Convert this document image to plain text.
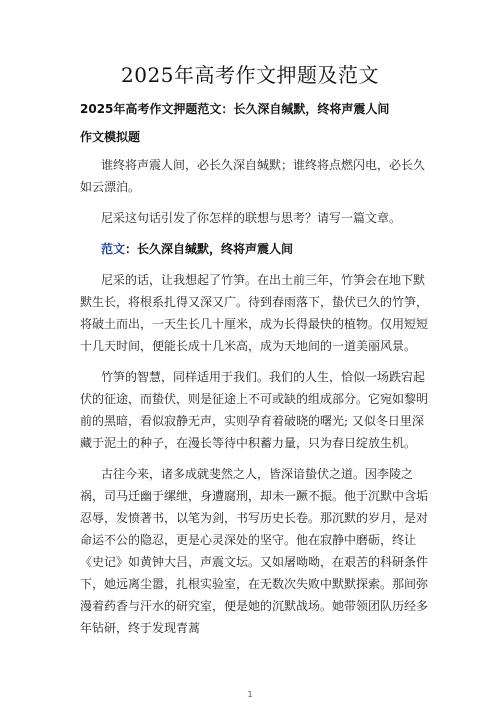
2025年高考作文押题及范文

2025年高考作文押题范文：长久深自缄默，终将声震人间

作文模拟题

谁终将声震人间，必长久深自缄默；谁终将点燃闪电，必长久如云漂泊。

尼采这句话引发了你怎样的联想与思考？请写一篇文章。

范文：长久深自缄默，终将声震人间

尼采的话，让我想起了竹笋。在出土前三年，竹笋会在地下默默生长，将根系扎得又深又广。待到春雨落下，蛰伏已久的竹笋，将破土而出，一天生长几十厘米，成为长得最快的植物。仅用短短十几天时间，便能长成十几米高，成为天地间的一道美丽风景。

竹笋的智慧，同样适用于我们。我们的人生，恰似一场跌宕起伏的征途，而蛰伏，则是征途上不可或缺的组成部分。它宛如黎明前的黑暗，看似寂静无声，实则孕育着破晓的曙光; 又似冬日里深藏于泥土的种子，在漫长等待中积蓄力量，只为春日绽放生机。

古往今来，诸多成就斐然之人，皆深谙蛰伏之道。因李陵之祸，司马迁幽于缧绁，身遭腐刑，却未一蹶不振。他于沉默中含垢忍辱，发愤著书，以笔为剑，书写历史长卷。那沉默的岁月，是对命运不公的隐忍，更是心灵深处的坚守。他在寂静中磨砺，终让《史记》如黄钟大吕，声震文坛。又如屠呦呦，在艰苦的科研条件下，她远离尘嚣，扎根实验室，在无数次失败中默默探索。那间弥漫着药香与汗水的研究室，便是她的沉默战场。她带领团队历经多年钻研，终于发现青蒿

1
